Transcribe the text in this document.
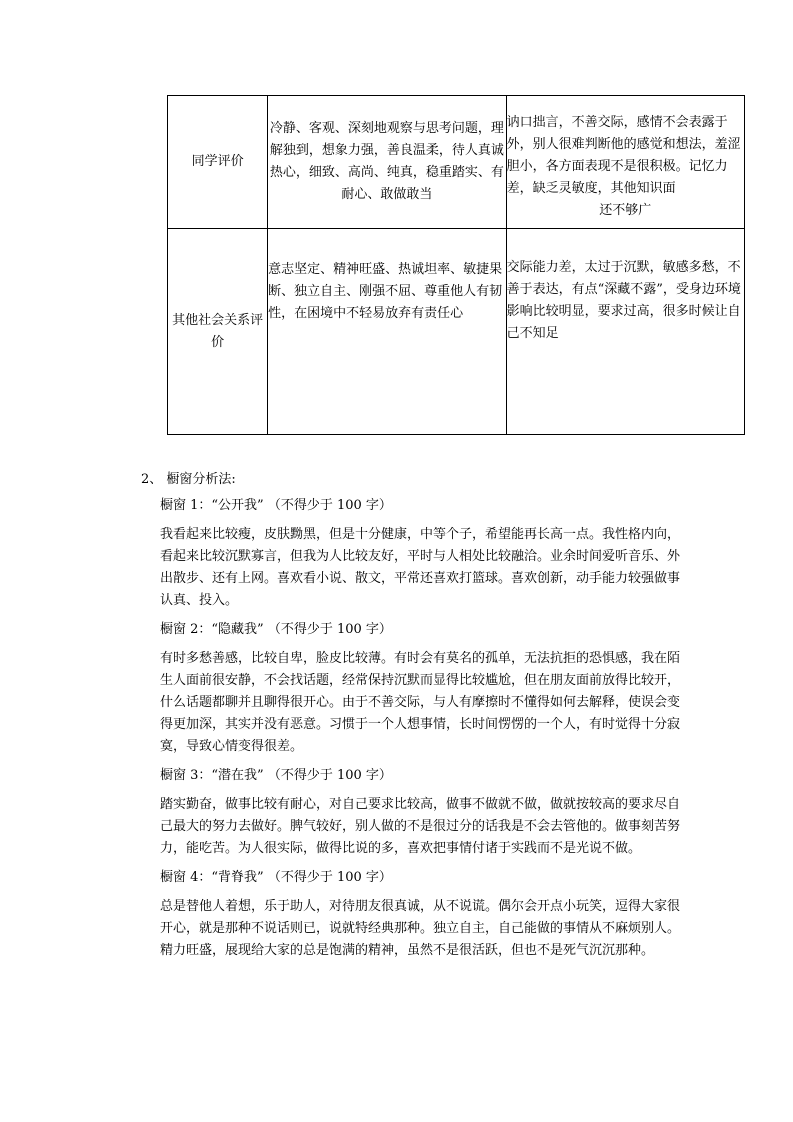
同学评价	冷静、客观、深刻地观察与思考问题，理解独到，想象力强，善良温柔，待人真诚热心，细致、高尚、纯真，稳重踏实、有耐心、敢做敢当	讷口拙言，不善交际，感情不会表露于外，别人很难判断他的感觉和想法，羞涩胆小，各方面表现不是很积极。记忆力差，缺乏灵敏度，其他知识面
还不够广

其他社会关系评价	意志坚定、精神旺盛、热诚坦率、敏捷果断、独立自主、刚强不屈、尊重他人有韧性，在困境中不轻易放弃有责任心	交际能力差，太过于沉默，敏感多愁，不善于表达，有点“深藏不露”，受身边环境影响比较明显，要求过高，很多时候让自己不知足
2、 橱窗分析法:

橱窗 1：“公开我” （不得少于 100 字）

我看起来比较瘦，皮肤黝黑，但是十分健康，中等个子，希望能再长高一点。我性格内向，看起来比较沉默寡言，但我为人比较友好，平时与人相处比较融洽。业余时间爱听音乐、外出散步、还有上网。喜欢看小说、散文，平常还喜欢打篮球。喜欢创新，动手能力较强做事认真、投入。

橱窗 2：“隐藏我” （不得少于 100 字）

有时多愁善感，比较自卑，脸皮比较薄。有时会有莫名的孤单，无法抗拒的恐惧感，我在陌生人面前很安静，不会找话题，经常保持沉默而显得比较尴尬，但在朋友面前放得比较开，什么话题都聊并且聊得很开心。由于不善交际，与人有摩擦时不懂得如何去解释，使误会变得更加深，其实并没有恶意。习惯于一个人想事情，长时间愣愣的一个人，有时觉得十分寂寞，导致心情变得很差。

橱窗 3：“潜在我” （不得少于 100 字）

踏实勤奋，做事比较有耐心，对自己要求比较高，做事不做就不做，做就按较高的要求尽自己最大的努力去做好。脾气较好，别人做的不是很过分的话我是不会去管他的。做事刻苦努力，能吃苦。为人很实际，做得比说的多，喜欢把事情付诸于实践而不是光说不做。

橱窗 4：“背脊我” （不得少于 100 字）

总是替他人着想，乐于助人，对待朋友很真诚，从不说谎。偶尔会开点小玩笑，逗得大家很开心，就是那种不说话则已，说就特经典那种。独立自主，自己能做的事情从不麻烦别人。精力旺盛，展现给大家的总是饱满的精神，虽然不是很活跃，但也不是死气沉沉那种。
